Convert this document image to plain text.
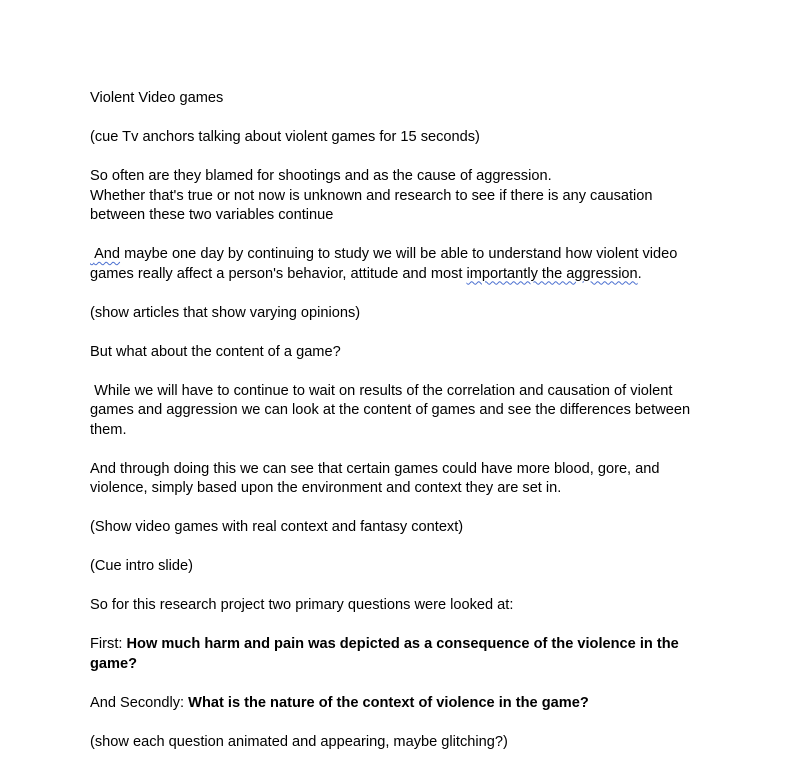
Violent Video games
(cue Tv anchors talking about violent games for 15 seconds)
So often are they blamed for shootings and as the cause of aggression.
Whether that's true or not now is unknown and research to see if there is any causation between these two variables continue
And maybe one day by continuing to study we will be able to understand how violent video games really affect a person's behavior, attitude and most importantly the aggression.
(show articles that show varying opinions)
But what about the content of a game?
While we will have to continue to wait on results of the correlation and causation of violent games and aggression we can look at the content of games and see the differences between them.
And through doing this we can see that certain games could have more blood, gore, and violence, simply based upon the environment and context they are set in.
(Show video games with real context and fantasy context)
(Cue intro slide)
So for this research project two primary questions were looked at:
First: How much harm and pain was depicted as a consequence of the violence in the game?
And Secondly: What is the nature of the context of violence in the game?
(show each question animated and appearing, maybe glitching?)
